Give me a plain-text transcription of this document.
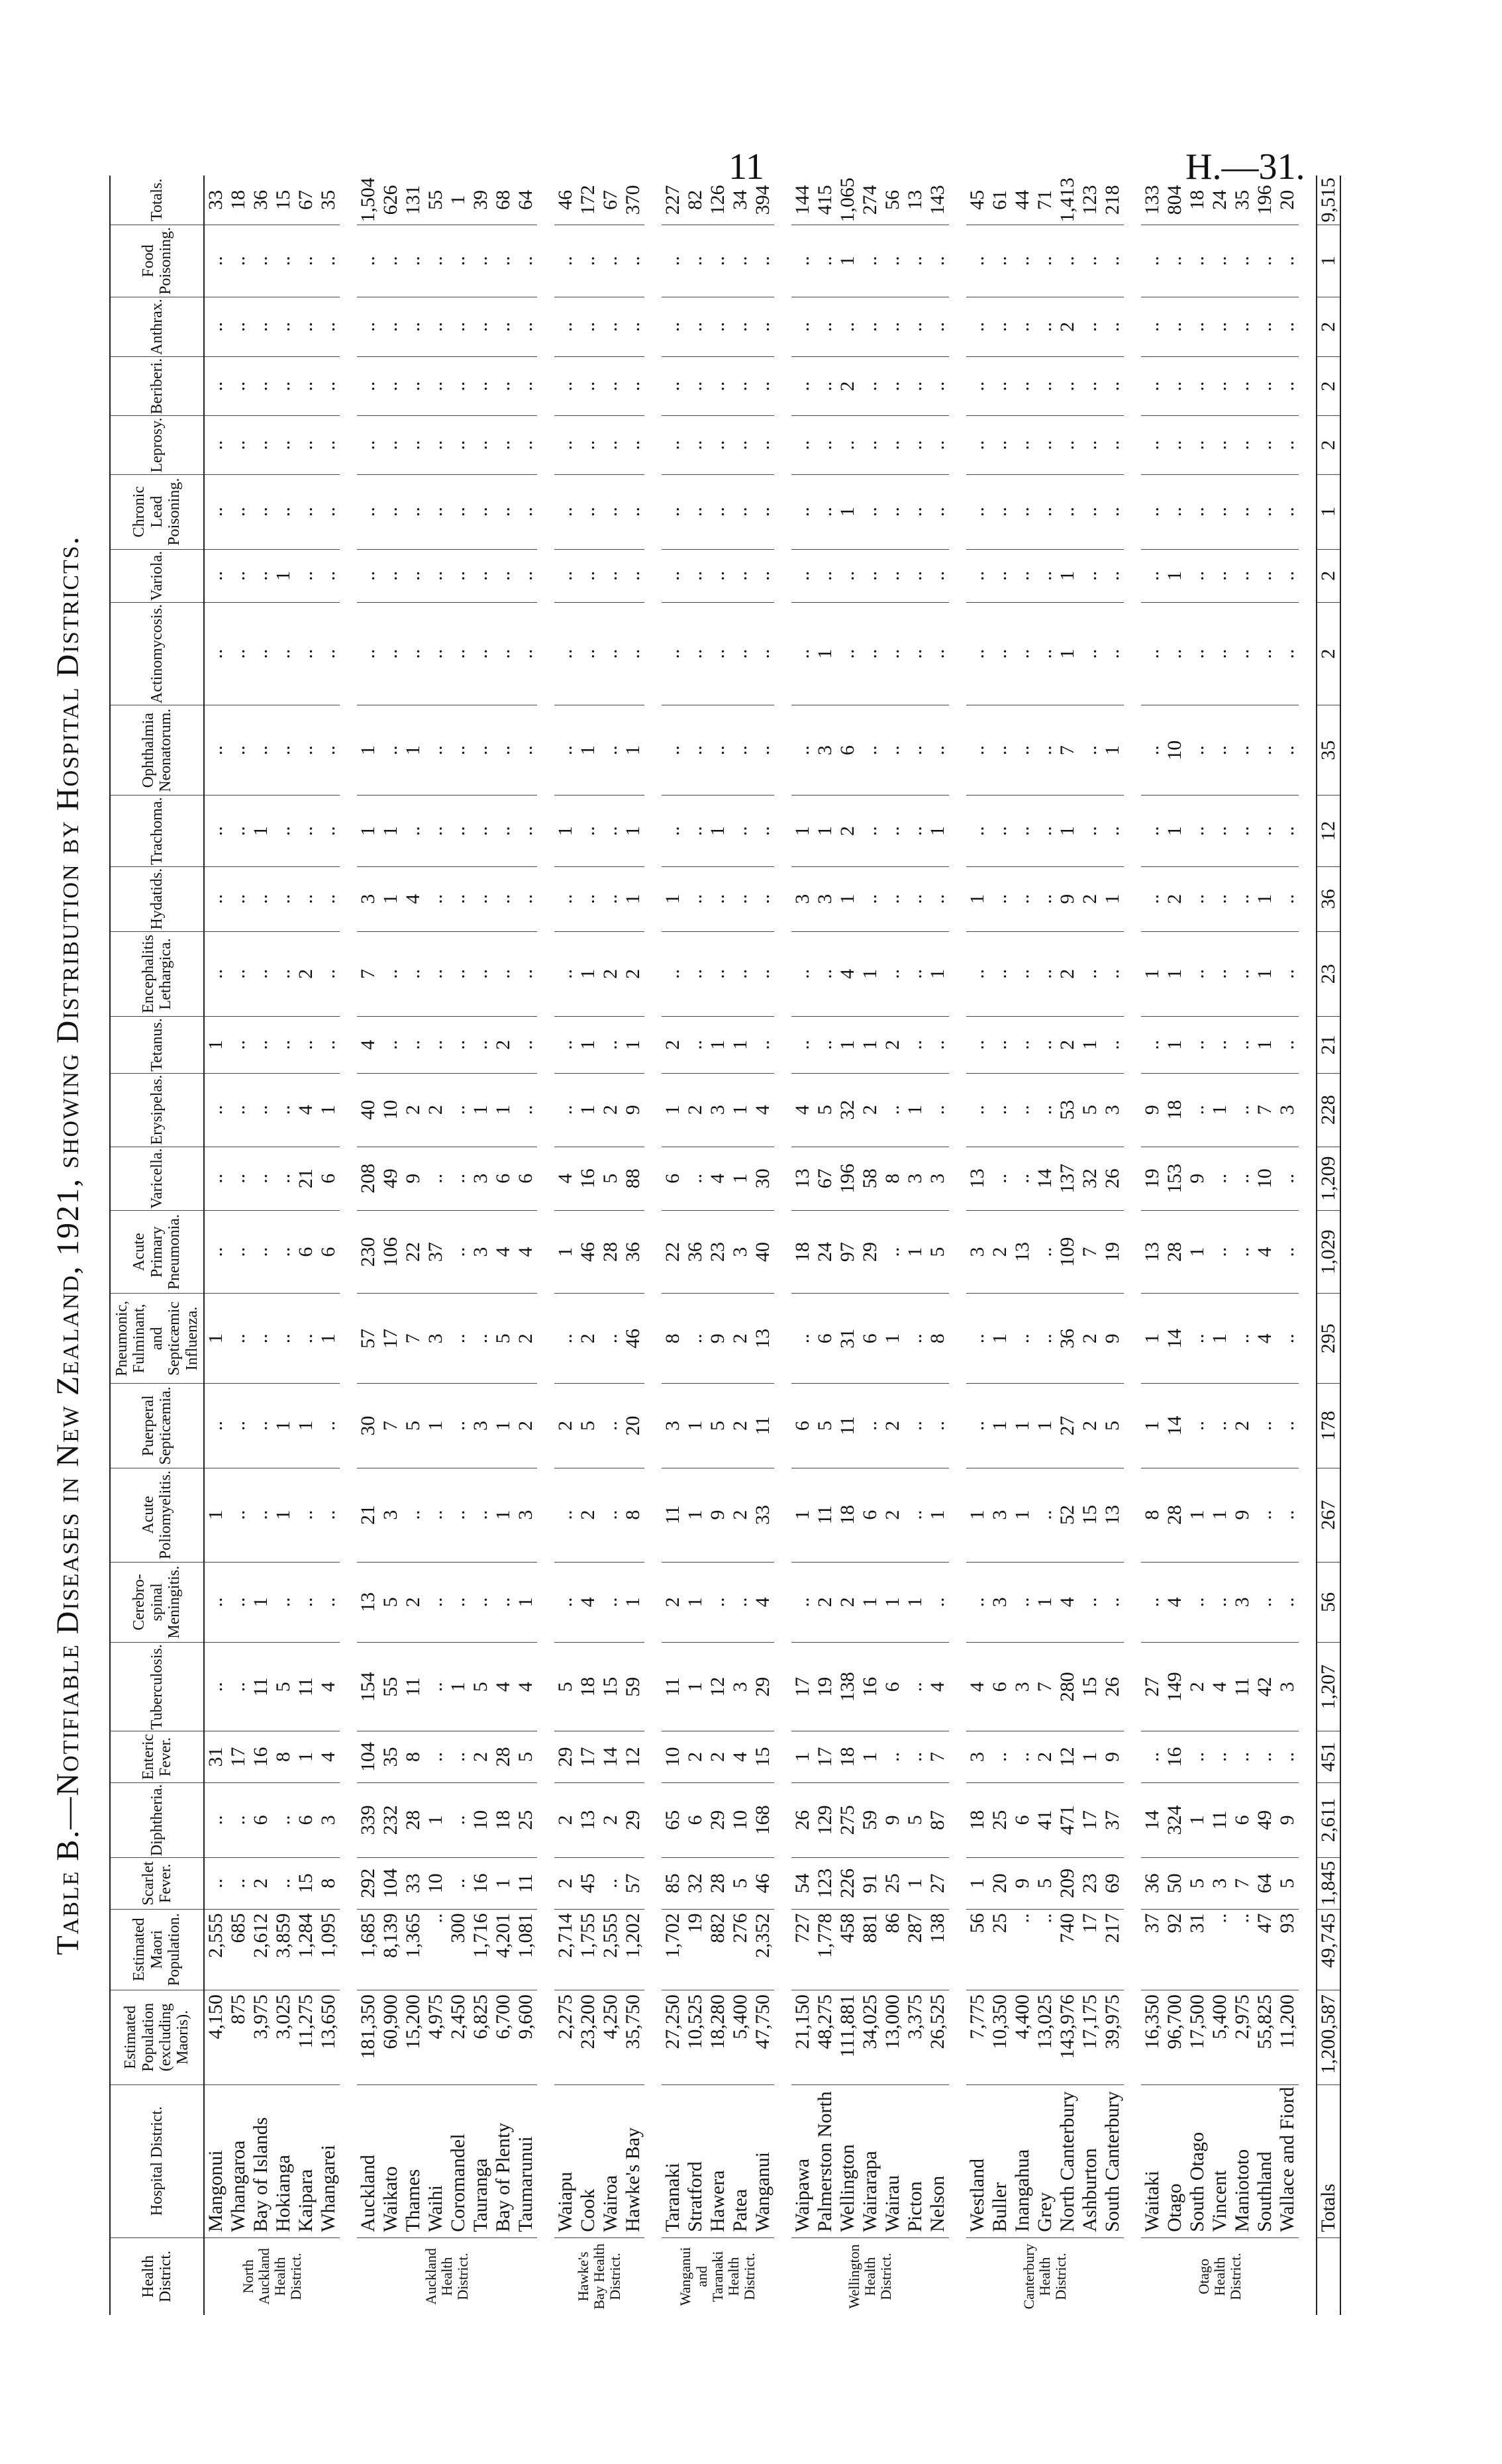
11	H.—31.
Table B.—Notifiable Diseases in New Zealand, 1921, showing Distribution by Hospital Districts.
Health District.	Hospital District.	Estimated Population (excluding Maoris).	Estimated Maori Population.	Scarlet Fever.	Diphtheria.	Enteric Fever.	Tuberculosis.	Cerebro-spinal Meningitis.	Acute Poliomyelitis.	Puerperal Septicæmia.	Pneumonic, Fulminant, and Septicæmic Influenza.	Acute Primary Pneumonia.	Varicella.	Erysipelas.	Tetanus.	Encephalitis Lethargica.	Hydatids.	Trachoma.	Ophthalmia Neonatorum.	Actinomycosis.	Variola.	Chronic Lead Poisoning.	Leprosy.	Beriberi.	Anthrax.	Food Poisoning.	Totals.
North Auckland Health District.	Mangonui	4,150	2,555	..	..	31	..	..	1	..	1	..	..	..	1	..	..	..	..	..	..	..	..	..	..	..	33
	Whangaroa	875	685	..	..	17	..	..	..	..	..	..	..	..	..	..	..	..	..	..	..	..	..	..	..	..	18
	Bay of Islands	3,975	2,612	2	6	16	11	1	..	..	..	..	..	..	..	..	..	1	..	..	..	..	..	..	..	..	36
	Hokianga	3,025	3,859	..	..	8	5	..	1	1	..	..	..	..	..	..	..	..	..	..	1	..	..	..	..	..	15
	Kaipara	11,275	1,284	15	6	1	11	..	..	1	..	6	21	4	..	2	..	..	..	..	..	..	..	..	..	..	67
	Whangarei	13,650	1,095	8	3	4	4	..	..	..	1	6	6	1	..	..	..	..	..	..	..	..	..	..	..	..	35

Auckland Health District.	Auckland	181,350	1,685	292	339	104	154	13	21	30	57	230	208	40	4	7	3	1	1	..	..	..	..	..	..	..	1,504
	Waikato	60,900	8,139	104	232	35	55	5	3	7	17	106	49	10	..	..	1	1	..	..	..	..	..	..	..	..	626
	Thames	15,200	1,365	33	28	8	11	2	..	5	7	22	9	2	..	..	4	..	1	..	..	..	..	..	..	..	131
	Waihi	4,975	..	10	1	..	..	..	..	1	3	37	..	2	..	..	..	..	..	..	..	..	..	..	..	..	55
	Coromandel	2,450	300	..	..	..	1	..	..	..	..	..	..	..	..	..	..	..	..	..	..	..	..	..	..	..	1
	Tauranga	6,825	1,716	16	10	2	5	..	..	3	..	3	3	1	..	..	..	..	..	..	..	..	..	..	..	..	39
	Bay of Plenty	6,700	4,201	1	18	28	4	..	1	1	5	4	6	1	2	..	..	..	..	..	..	..	..	..	..	..	68
	Taumarunui	9,600	1,081	11	25	5	4	1	3	2	2	4	6	..	..	..	..	..	..	..	..	..	..	..	..	..	64

Hawke's Bay Health District.	Waiapu	2,275	2,714	2	2	29	5	..	..	2	..	1	4	..	..	..	..	1	..	..	..	..	..	..	..	..	46
	Cook	23,200	1,755	45	13	17	18	4	2	5	2	46	16	1	1	1	..	..	1	..	..	..	..	..	..	..	172
	Wairoa	4,250	2,555	..	2	14	15	..	..	..	..	28	5	2	..	2	..	..	..	..	..	..	..	..	..	..	67
	Hawke's Bay	35,750	1,202	57	29	12	59	1	8	20	46	36	88	9	1	2	1	1	1	..	..	..	..	..	..	..	370

Wanganui and Taranaki Health District.	Taranaki	27,250	1,702	85	65	10	11	2	11	3	8	22	6	1	2	..	1	..	..	..	..	..	..	..	..	..	227
	Stratford	10,525	19	32	6	2	1	1	1	1	..	36	..	2	..	..	..	..	..	..	..	..	..	..	..	..	82
	Hawera	18,280	882	28	29	2	12	..	9	5	9	23	4	3	1	..	..	1	..	..	..	..	..	..	..	..	126
	Patea	5,400	276	5	10	4	3	..	2	2	2	3	1	1	1	..	..	..	..	..	..	..	..	..	..	..	34
	Wanganui	47,750	2,352	46	168	15	29	4	33	11	13	40	30	4	..	..	..	..	..	..	..	..	..	..	..	..	394

Wellington Health District.	Waipawa	21,150	727	54	26	1	17	..	1	6	..	18	13	4	..	..	3	1	..	..	..	..	..	..	..	..	144
	Palmerston North	48,275	1,778	123	129	17	19	2	11	5	6	24	67	5	..	..	3	1	3	1	..	..	..	..	..	..	415
	Wellington	111,881	458	226	275	18	138	2	18	11	31	97	196	32	1	4	1	2	6	..	..	1	..	2	..	1	1,065
	Wairarapa	34,025	881	91	59	1	16	1	6	..	6	29	58	2	1	1	..	..	..	..	..	..	..	..	..	..	274
	Wairau	13,000	86	25	9	..	6	1	2	2	1	..	8	..	2	..	..	..	..	..	..	..	..	..	..	..	56
	Picton	3,375	287	1	5	..	..	1	..	..	..	1	3	1	..	..	..	..	..	..	..	..	..	..	..	..	13
	Nelson	26,525	138	27	87	7	4	..	1	..	8	5	3	..	..	1	..	1	..	..	..	..	..	..	..	..	143

Canterbury Health District.	Westland	7,775	56	1	18	3	4	..	1	..	..	3	13	..	..	..	1	..	..	..	..	..	..	..	..	..	45
	Buller	10,350	25	20	25	..	6	3	3	1	1	2	..	..	..	..	..	..	..	..	..	..	..	..	..	..	61
	Inangahua	4,400	..	9	6	..	3	..	1	1	..	13	..	..	..	..	..	..	..	..	..	..	..	..	..	..	44
	Grey	13,025	..	5	41	2	7	1	..	1	..	..	14	..	..	..	..	..	..	..	..	..	..	..	..	..	71
	North Canterbury	143,976	740	209	471	12	280	4	52	27	36	109	137	53	2	2	9	1	7	1	1	..	..	..	2	..	1,413
	Ashburton	17,175	17	23	17	1	15	..	15	2	2	7	32	5	1	..	2	..	..	..	..	..	..	..	..	..	123
	South Canterbury	39,975	217	69	37	9	26	..	13	5	9	19	26	3	..	..	1	..	1	..	..	..	..	..	..	..	218

Otago Health District.	Waitaki	16,350	37	36	14	..	27	..	8	1	1	13	19	9	..	1	..	..	..	..	..	..	..	..	..	..	133
	Otago	96,700	92	50	324	16	149	4	28	14	14	28	153	18	1	1	2	1	10	..	1	..	..	..	..	..	804
	South Otago	17,500	31	5	1	..	2	..	1	..	..	1	9	..	..	..	..	..	..	..	..	..	..	..	..	..	18
	Vincent	5,400	..	3	11	..	4	..	1	..	1	..	..	1	..	..	..	..	..	..	..	..	..	..	..	..	24
	Maniototo	2,975	..	7	6	..	11	3	9	2	..	..	..	..	..	..	..	..	..	..	..	..	..	..	..	..	35
	Southland	55,825	47	64	49	..	42	..	..	..	4	4	10	7	1	1	1	..	..	..	..	..	..	..	..	..	196
	Wallace and Fiord	11,200	93	5	9	..	3	..	..	..	..	..	..	3	..	..	..	..	..	..	..	..	..	..	..	..	20

	Totals	1,200,587	49,745	1,845	2,611	451	1,207	56	267	178	295	1,029	1,209	228	21	23	36	12	35	2	2	1	2	2	2	1	9,515
